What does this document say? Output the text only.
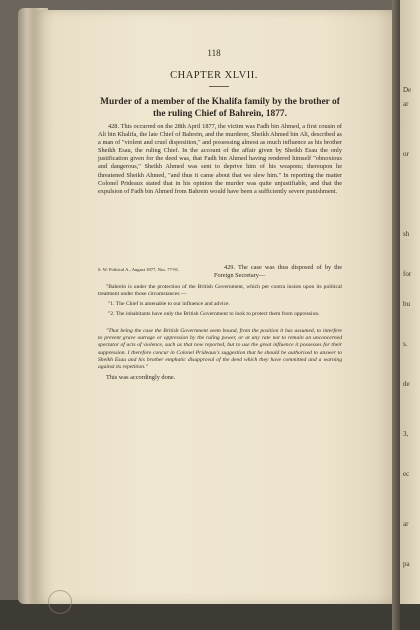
118
CHAPTER XLVII.
Murder of a member of the Khalifa family by the brother of the ruling Chief of Bahrein, 1877.
428. This occurred on the 28th April 1877, the victim was Fadh bin Ahmed, a first cousin of Ali bin Khalifa, the late Chief of Bahrein, and the murderer, Sheikh Ahmed bin Ali, described as a man of "violent and cruel disposition," and possessing almost as much influence as his brother Sheikh Esau, the ruling Chief. In the account of the affair given by Sheikh Esau the only justification given for the deed was, that Fadh bin Ahmed having rendered himself "obnoxious and dangerous," Sheikh Ahmed was sent to deprive him of his weapons; thereupon he threatened Sheikh Ahmed, "and thus it came about that we slew him." In reporting the matter Colonel Prideaux stated that in his opinion the murder was quite unjustifiable, and that the expulsion of Fadh bin Ahmed from Bahrein would have been a sufficiently severe punishment.
S. W. Political A., August 1877, Nos. 77-91.	429. The case was thus disposed of by the Foreign Secretary—
"Bahrein is under the protection of the British Government, which per contra insists upon its political treatment under those circumstances —
"1. The Chief is amenable to our influence and advice.
"2. The inhabitants have only the British Government to look to protect them from oppression.
"That being the case the British Government seem bound, from the position it has assumed, to interfere to prevent grave outrage or oppression by the ruling power, or at any rate not to remain an unconcerned spectator of acts of violence, such as that now reported, but to use the great influence it possesses for their suppression. I therefore concur in Colonel Prideaux's suggestion that he should be authorised to answer to Sheikh Esau and his brother emphatic disapproval of the deed which they have committed and a warning against its repetition."
This was accordingly done.
De
ar
or
sh
for
bu
s.
de
3,
ec
ar
pa
